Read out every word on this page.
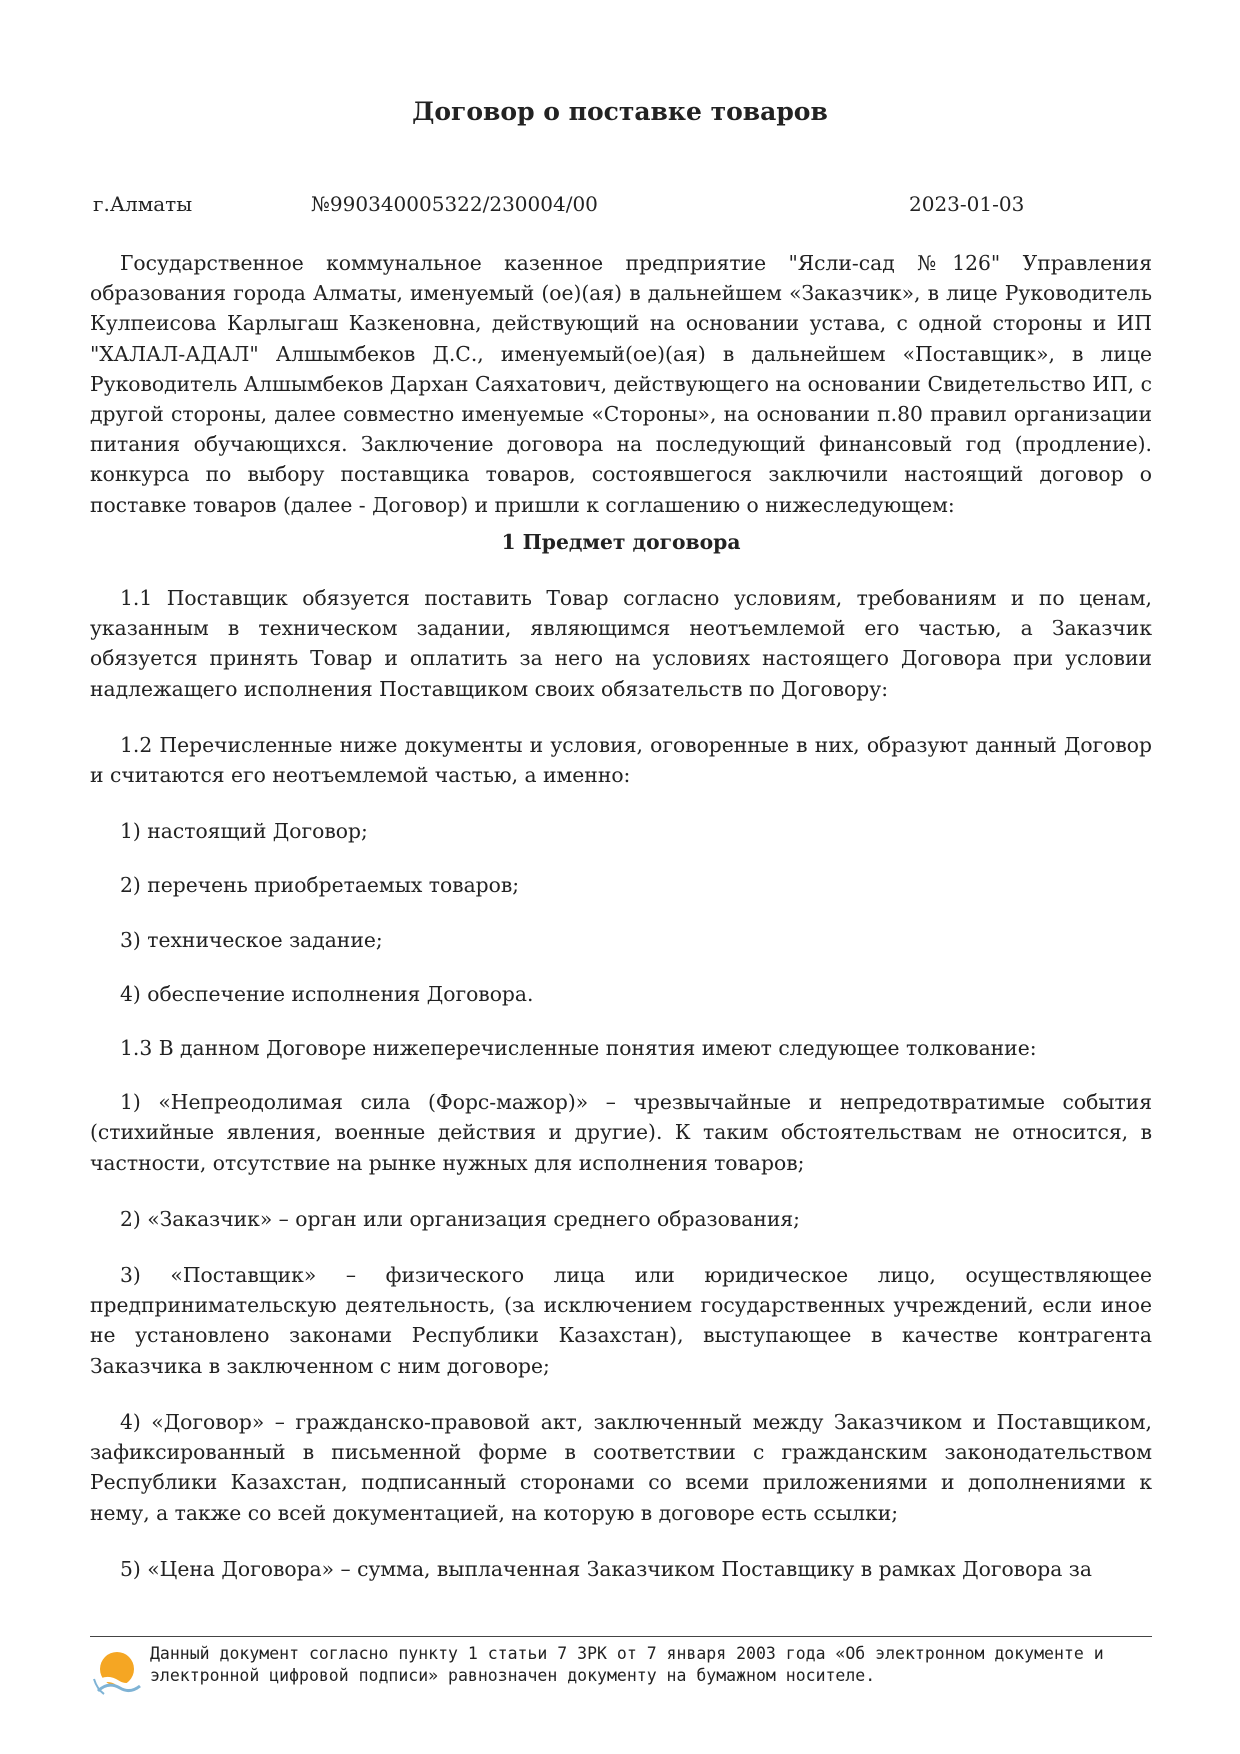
Договор о поставке товаров
г.Алматы	№990340005322/230004/00	2023-01-03

Государственное коммунальное казенное предприятие "Ясли-сад №126" Управления образования города Алматы, именуемый (ое)(ая) в дальнейшем «Заказчик», в лице Руководитель Кулпеисова Карлыгаш Казкеновна, действующий на основании устава, с одной стороны и ИП "ХАЛАЛ-АДАЛ" Алшымбеков Д.С., именуемый(ое)(ая) в дальнейшем «Поставщик», в лице Руководитель Алшымбеков Дархан Саяхатович, действующего на основании Свидетельство ИП, с другой стороны, далее совместно именуемые «Стороны», на основании п.80 правил организации питания обучающихся. Заключение договора на последующий финансовый год (продление). конкурса по выбору поставщика товаров, состоявшегося заключили настоящий договор о поставке товаров (далее - Договор) и пришли к соглашению о нижеследующем:

1 Предмет договора

1.1 Поставщик обязуется поставить Товар согласно условиям, требованиям и по ценам, указанным в техническом задании, являющимся неотъемлемой его частью, а Заказчик обязуется принять Товар и оплатить за него на условиях настоящего Договора при условии надлежащего исполнения Поставщиком своих обязательств по Договору:

1.2 Перечисленные ниже документы и условия, оговоренные в них, образуют данный Договор и считаются его неотъемлемой частью, а именно:

1) настоящий Договор;

2) перечень приобретаемых товаров;

3) техническое задание;

4) обеспечение исполнения Договора.

1.3 В данном Договоре нижеперечисленные понятия имеют следующее толкование:

1) «Непреодолимая сила (Форс-мажор)» – чрезвычайные и непредотвратимые события (стихийные явления, военные действия и другие). К таким обстоятельствам не относится, в частности, отсутствие на рынке нужных для исполнения товаров;

2) «Заказчик» – орган или организация среднего образования;

3) «Поставщик» – физического лица или юридическое лицо, осуществляющее предпринимательскую деятельность, (за исключением государственных учреждений, если иное не установлено законами Республики Казахстан), выступающее в качестве контрагента Заказчика в заключенном с ним договоре;

4) «Договор» – гражданско-правовой акт, заключенный между Заказчиком и Поставщиком, зафиксированный в письменной форме в соответствии с гражданским законодательством Республики Казахстан, подписанный сторонами со всеми приложениями и дополнениями к нему, а также со всей документацией, на которую в договоре есть ссылки;

5) «Цена Договора» – сумма, выплаченная Заказчиком Поставщику в рамках Договора за

Данный документ согласно пункту 1 статьи 7 ЗРК от 7 января 2003 года «Об электронном документе и электронной цифровой подписи» равнозначен документу на бумажном носителе.
